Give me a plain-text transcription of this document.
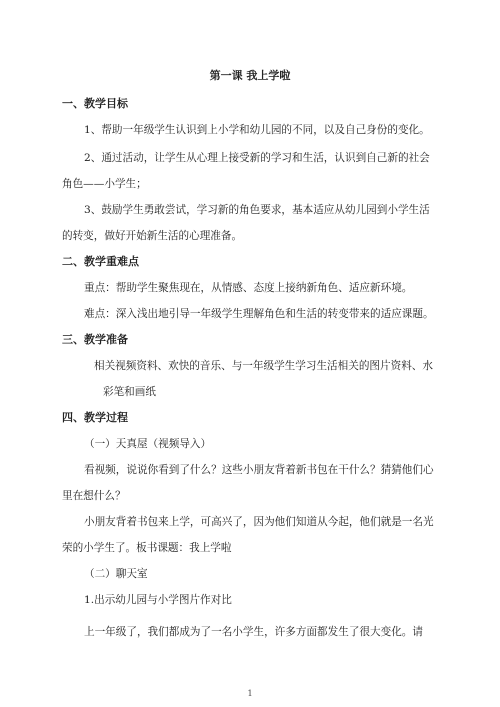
第一课 我上学啦
一、教学目标
1、帮助一年级学生认识到上小学和幼儿园的不同，以及自己身份的变化。
2、通过活动，让学生从心理上接受新的学习和生活，认识到自己新的社会
角色——小学生；
3、鼓励学生勇敢尝试，学习新的角色要求，基本适应从幼儿园到小学生活
的转变，做好开始新生活的心理准备。
二、教学重难点
重点：帮助学生聚焦现在，从情感、态度上接纳新角色、适应新环境。
难点：深入浅出地引导一年级学生理解角色和生活的转变带来的适应课题。
三、教学准备
相关视频资料、欢快的音乐、与一年级学生学习生活相关的图片资料、水
彩笔和画纸
四、教学过程
（一）天真屋（视频导入）
看视频，说说你看到了什么？这些小朋友背着新书包在干什么？猜猜他们心
里在想什么？
小朋友背着书包来上学，可高兴了，因为他们知道从今起，他们就是一名光
荣的小学生了。板书课题：我上学啦
（二）聊天室
1.出示幼儿园与小学图片作对比
上一年级了，我们都成为了一名小学生，许多方面都发生了很大变化。请
1
